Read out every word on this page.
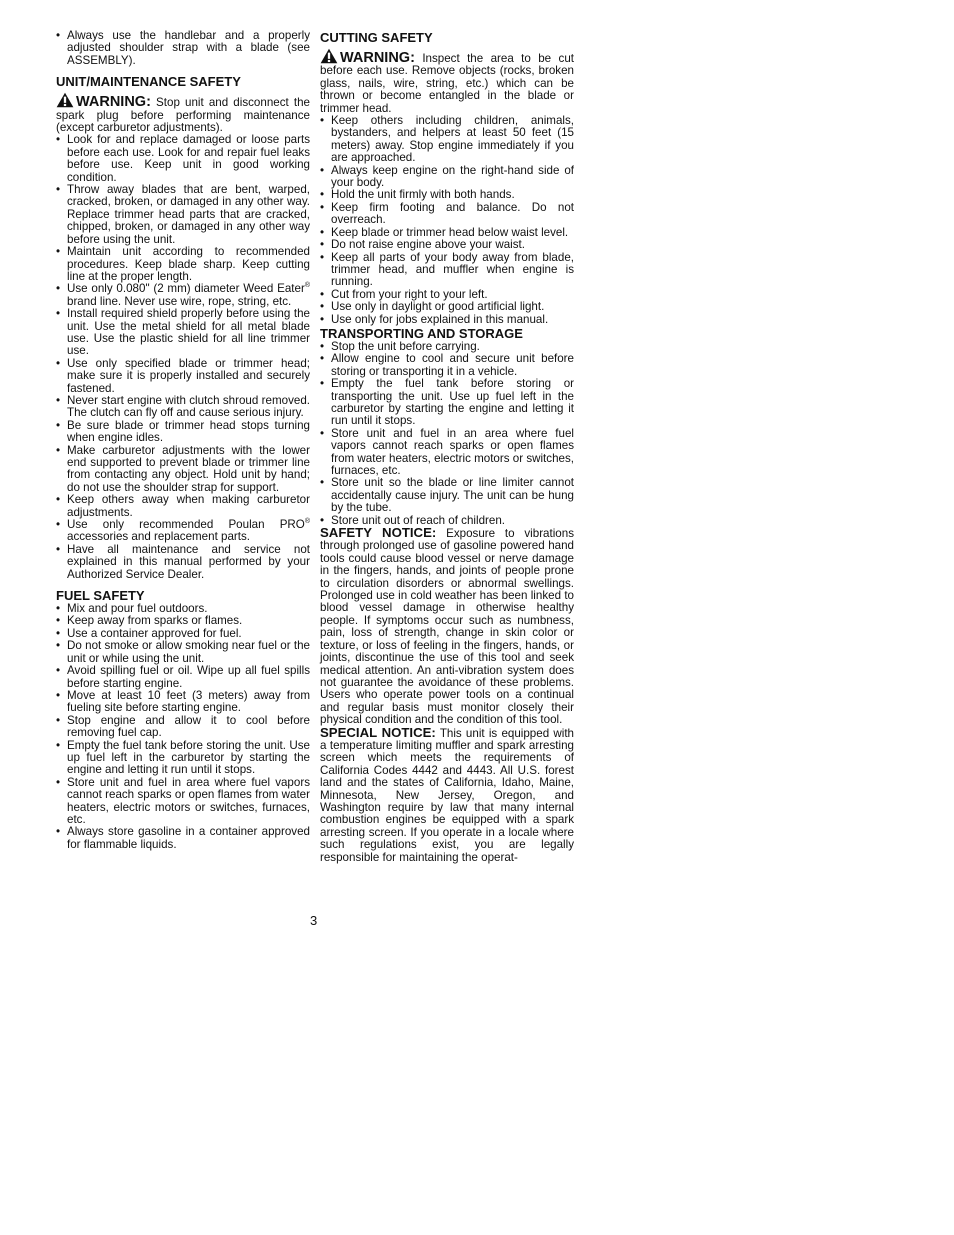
• Always use the handlebar and a properly adjusted shoulder strap with a blade (see ASSEMBLY).

UNIT/MAINTENANCE SAFETY

WARNING: Stop unit and disconnect the spark plug before performing maintenance (except carburetor adjustments).

• Look for and replace damaged or loose parts before each use. Look for and repair fuel leaks before use. Keep unit in good working condition.
• Throw away blades that are bent, warped, cracked, broken, or damaged in any other way. Replace trimmer head parts that are cracked, chipped, broken, or damaged in any other way before using the unit.
• Maintain unit according to recommended procedures. Keep blade sharp. Keep cutting line at the proper length.
• Use only 0.080" (2 mm) diameter Weed Eater® brand line. Never use wire, rope, string, etc.
• Install required shield properly before using the unit. Use the metal shield for all metal blade use. Use the plastic shield for all line trimmer use.
• Use only specified blade or trimmer head; make sure it is properly installed and securely fastened.
• Never start engine with clutch shroud removed. The clutch can fly off and cause serious injury.
• Be sure blade or trimmer head stops turning when engine idles.
• Make carburetor adjustments with the lower end supported to prevent blade or trimmer line from contacting any object. Hold unit by hand; do not use the shoulder strap for support.
• Keep others away when making carburetor adjustments.
• Use only recommended Poulan PRO® accessories and replacement parts.
• Have all maintenance and service not explained in this manual performed by your Authorized Service Dealer.

FUEL SAFETY

• Mix and pour fuel outdoors.
• Keep away from sparks or flames.
• Use a container approved for fuel.
• Do not smoke or allow smoking near fuel or the unit or while using the unit.
• Avoid spilling fuel or oil. Wipe up all fuel spills before starting engine.
• Move at least 10 feet (3 meters) away from fueling site before starting engine.
• Stop engine and allow it to cool before removing fuel cap.
• Empty the fuel tank before storing the unit. Use up fuel left in the carburetor by starting the engine and letting it run until it stops.
• Store unit and fuel in area where fuel vapors cannot reach sparks or open flames from water heaters, electric motors or switches, furnaces, etc.
• Always store gasoline in a container approved for flammable liquids.

CUTTING SAFETY

WARNING: Inspect the area to be cut before each use. Remove objects (rocks, broken glass, nails, wire, string, etc.) which can be thrown or become entangled in the blade or trimmer head.

• Keep others including children, animals, bystanders, and helpers at least 50 feet (15 meters) away. Stop engine immediately if you are approached.
• Always keep engine on the right-hand side of your body.
• Hold the unit firmly with both hands.
• Keep firm footing and balance. Do not overreach.
• Keep blade or trimmer head below waist level.
• Do not raise engine above your waist.
• Keep all parts of your body away from blade, trimmer head, and muffler when engine is running.
• Cut from your right to your left.
• Use only in daylight or good artificial light.
• Use only for jobs explained in this manual.

TRANSPORTING AND STORAGE

• Stop the unit before carrying.
• Allow engine to cool and secure unit before storing or transporting it in a vehicle.
• Empty the fuel tank before storing or transporting the unit. Use up fuel left in the carburetor by starting the engine and letting it run until it stops.
• Store unit and fuel in an area where fuel vapors cannot reach sparks or open flames from water heaters, electric motors or switches, furnaces, etc.
• Store unit so the blade or line limiter cannot accidentally cause injury. The unit can be hung by the tube.
• Store unit out of reach of children.

SAFETY NOTICE: Exposure to vibrations through prolonged use of gasoline powered hand tools could cause blood vessel or nerve damage in the fingers, hands, and joints of people prone to circulation disorders or abnormal swellings. Prolonged use in cold weather has been linked to blood vessel damage in otherwise healthy people. If symptoms occur such as numbness, pain, loss of strength, change in skin color or texture, or loss of feeling in the fingers, hands, or joints, discontinue the use of this tool and seek medical attention. An anti-vibration system does not guarantee the avoidance of these problems. Users who operate power tools on a continual and regular basis must monitor closely their physical condition and the condition of this tool.

SPECIAL NOTICE: This unit is equipped with a temperature limiting muffler and spark arresting screen which meets the requirements of California Codes 4442 and 4443. All U.S. forest land and the states of California, Idaho, Maine, Minnesota, New Jersey, Oregon, and Washington require by law that many internal combustion engines be equipped with a spark arresting screen. If you operate in a locale where such regulations exist, you are legally responsible for maintaining the operat-

3
